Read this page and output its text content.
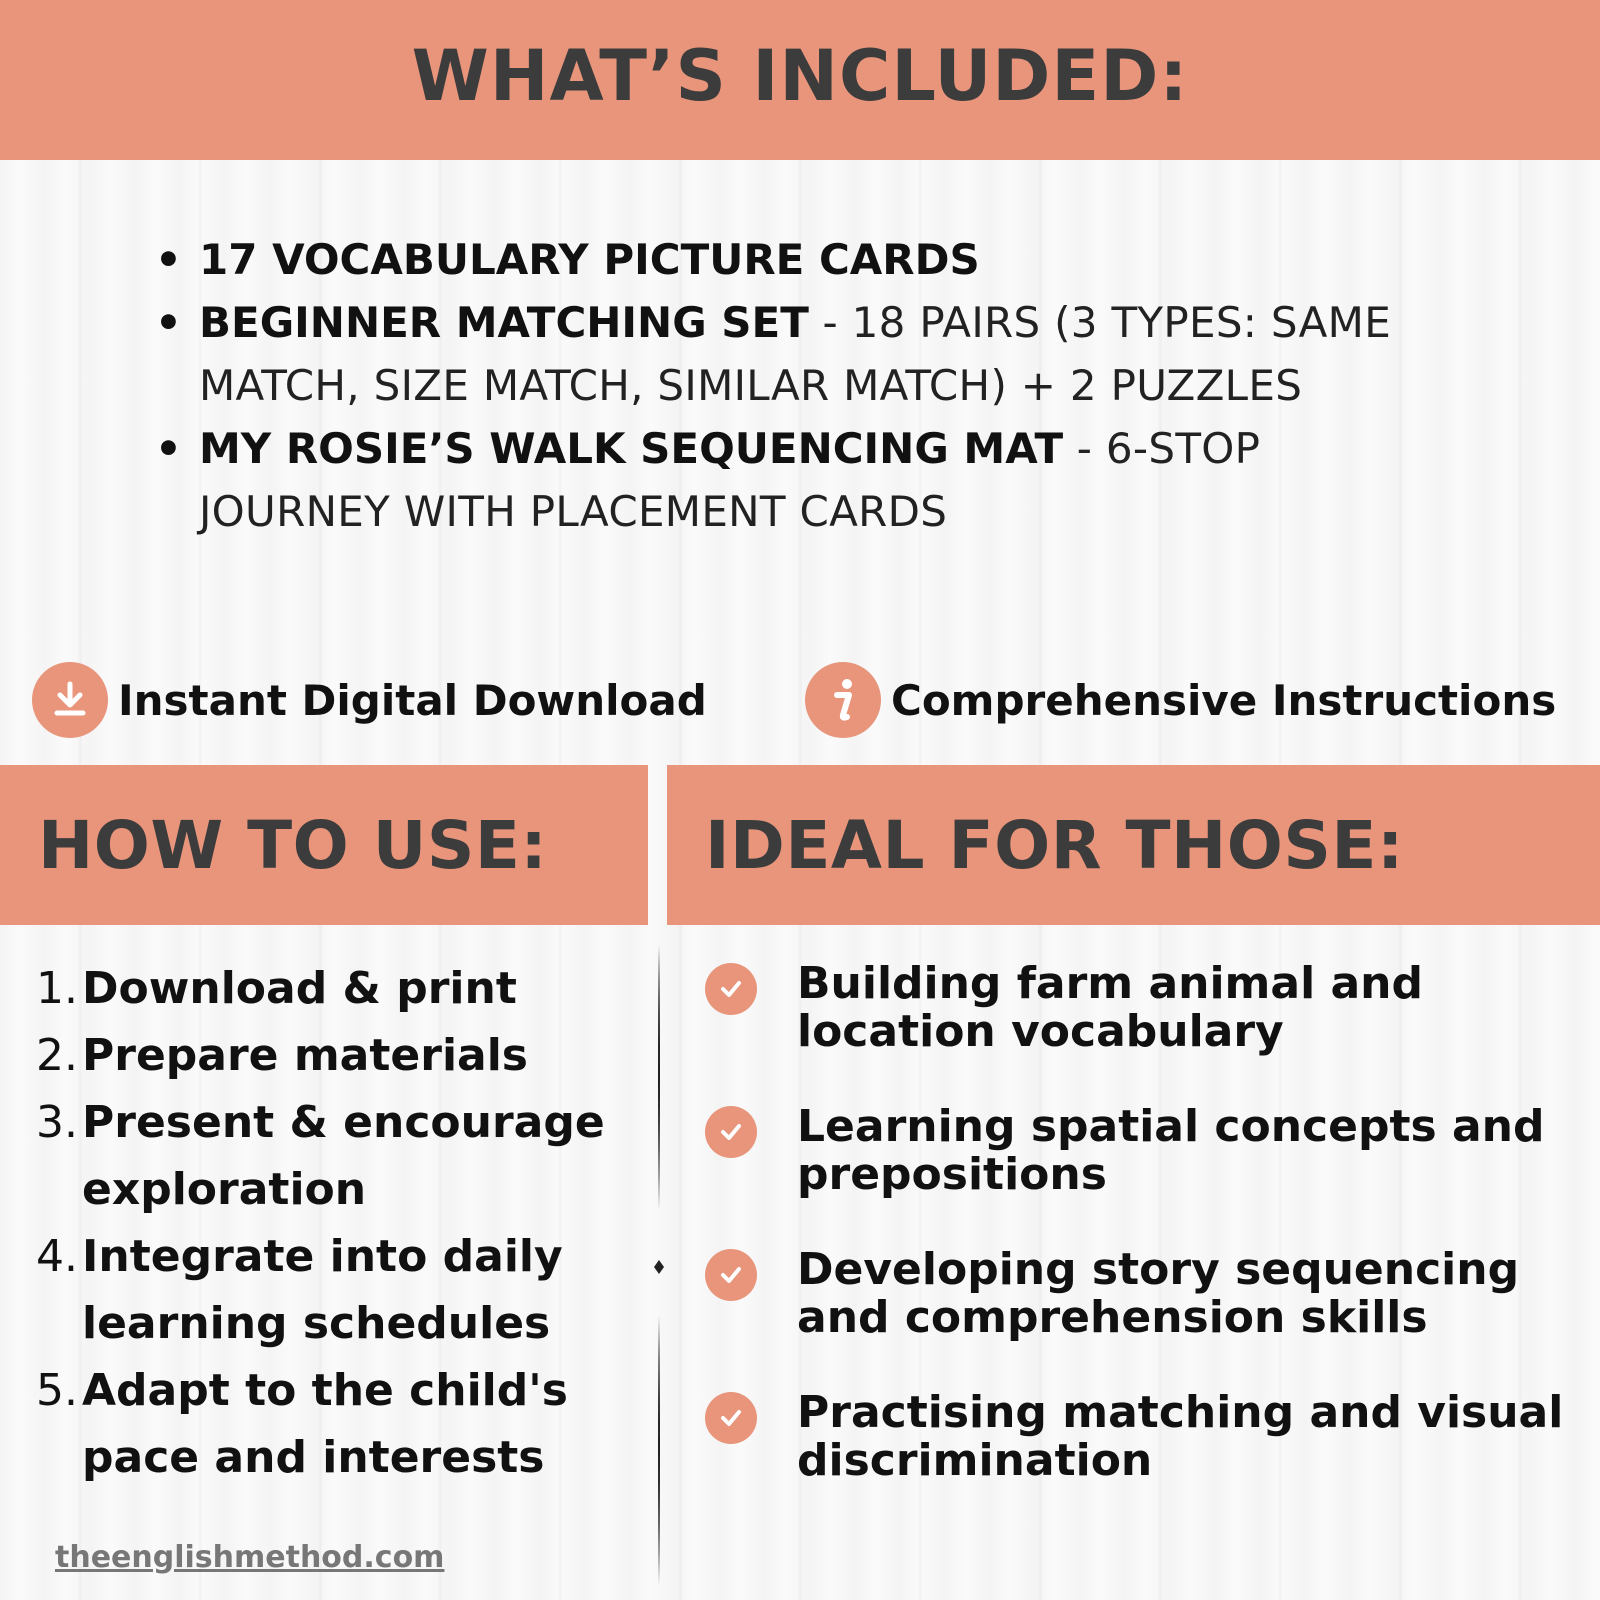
WHAT’S INCLUDED:
• 17 VOCABULARY PICTURE CARDS
• BEGINNER MATCHING SET - 18 PAIRS (3 TYPES: SAME MATCH, SIZE MATCH, SIMILAR MATCH) + 2 PUZZLES
• MY ROSIE’S WALK SEQUENCING MAT - 6-STOP JOURNEY WITH PLACEMENT CARDS
Instant Digital Download	Comprehensive Instructions
HOW TO USE: IDEAL FOR THOSE:
1. Download & print
2. Prepare materials
3. Present & encourage exploration
4. Integrate into daily learning schedules
5. Adapt to the child's pace and interests
Building farm animal and location vocabulary
Learning spatial concepts and prepositions
Developing story sequencing and comprehension skills
Practising matching and visual discrimination
theenglishmethod.com
